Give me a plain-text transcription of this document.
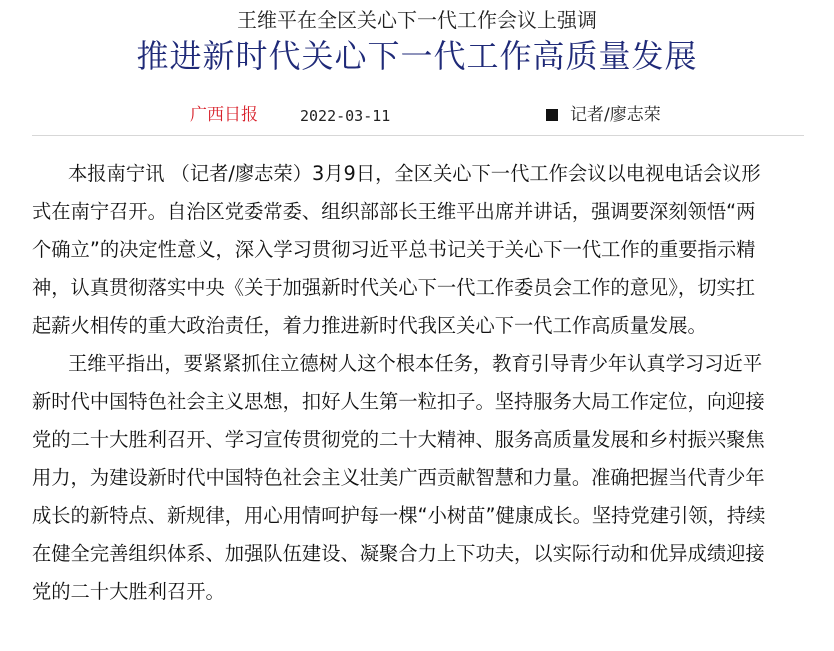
王维平在全区关心下一代工作会议上强调
推进新时代关心下一代工作高质量发展
广西日报	2022-03-11	记者/廖志荣
本报南宁讯 （记者/廖志荣）3月9日，全区关心下一代工作会议以电视电话会议形
式在南宁召开。自治区党委常委、组织部部长王维平出席并讲话，强调要深刻领悟“两
个确立”的决定性意义，深入学习贯彻习近平总书记关于关心下一代工作的重要指示精
神，认真贯彻落实中央《关于加强新时代关心下一代工作委员会工作的意见》，切实扛
起薪火相传的重大政治责任，着力推进新时代我区关心下一代工作高质量发展。
王维平指出，要紧紧抓住立德树人这个根本任务，教育引导青少年认真学习习近平
新时代中国特色社会主义思想，扣好人生第一粒扣子。坚持服务大局工作定位，向迎接
党的二十大胜利召开、学习宣传贯彻党的二十大精神、服务高质量发展和乡村振兴聚焦
用力，为建设新时代中国特色社会主义壮美广西贡献智慧和力量。准确把握当代青少年
成长的新特点、新规律，用心用情呵护每一棵“小树苗”健康成长。坚持党建引领，持续
在健全完善组织体系、加强队伍建设、凝聚合力上下功夫，以实际行动和优异成绩迎接
党的二十大胜利召开。
